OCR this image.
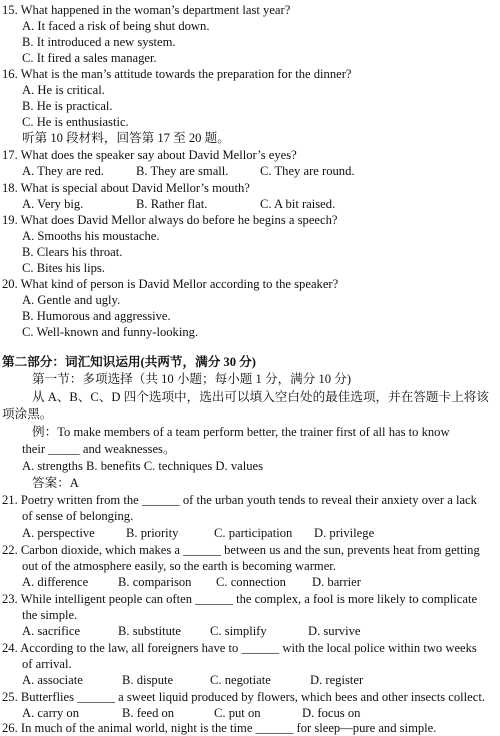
15. What happened in the woman’s department last year?
A. It faced a risk of being shut down.
B. It introduced a new system.
C. It fired a sales manager.
16. What is the man’s attitude towards the preparation for the dinner?
A. He is critical.
B. He is practical.
C. He is enthusiastic.
听第 10 段材料，回答第 17 至 20 题。
17. What does the speaker say about David Mellor’s eyes?
A. They are red.	B. They are small.	C. They are round.
18. What is special about David Mellor’s mouth?
A. Very big.	B. Rather flat.	C. A bit raised.
19. What does David Mellor always do before he begins a speech?
A. Smooths his moustache.
B. Clears his throat.
C. Bites his lips.
20. What kind of person is David Mellor according to the speaker?
A. Gentle and ugly.
B. Humorous and aggressive.
C. Well-known and funny-looking.
第二部分：词汇知识运用(共两节，满分 30 分)
第一节：多项选择（共 10 小题；每小题 1 分，满分 10 分)
从 A、B、C、D 四个选项中，选出可以填入空白处的最佳选项，并在答题卡上将该
项涂黑。
例：To make members of a team perform better, the trainer first of all has to know
their _____ and weaknesses。
A. strengths B. benefits C. techniques D. values
答案：A
21. Poetry written from the ______ of the urban youth tends to reveal their anxiety over a lack
of sense of belonging.
A. perspective B. priority	C. participation D. privilege
22. Carbon dioxide, which makes a ______ between us and the sun, prevents heat from getting
out of the atmosphere easily, so the earth is becoming warmer.
A. difference B. comparison C. connection D. barrier
23. While intelligent people can often ______ the complex, a fool is more likely to complicate
the simple.
A. sacrifice	B. substitute C. simplify	D. survive
24. According to the law, all foreigners have to ______ with the local police within two weeks
of arrival.
A. associate	B. dispute	C. negotiate	D. register
25. Butterflies ______ a sweet liquid produced by flowers, which bees and other insects collect.
A. carry on	B. feed on	C. put on	D. focus on
26. In much of the animal world, night is the time ______ for sleep—pure and simple.
